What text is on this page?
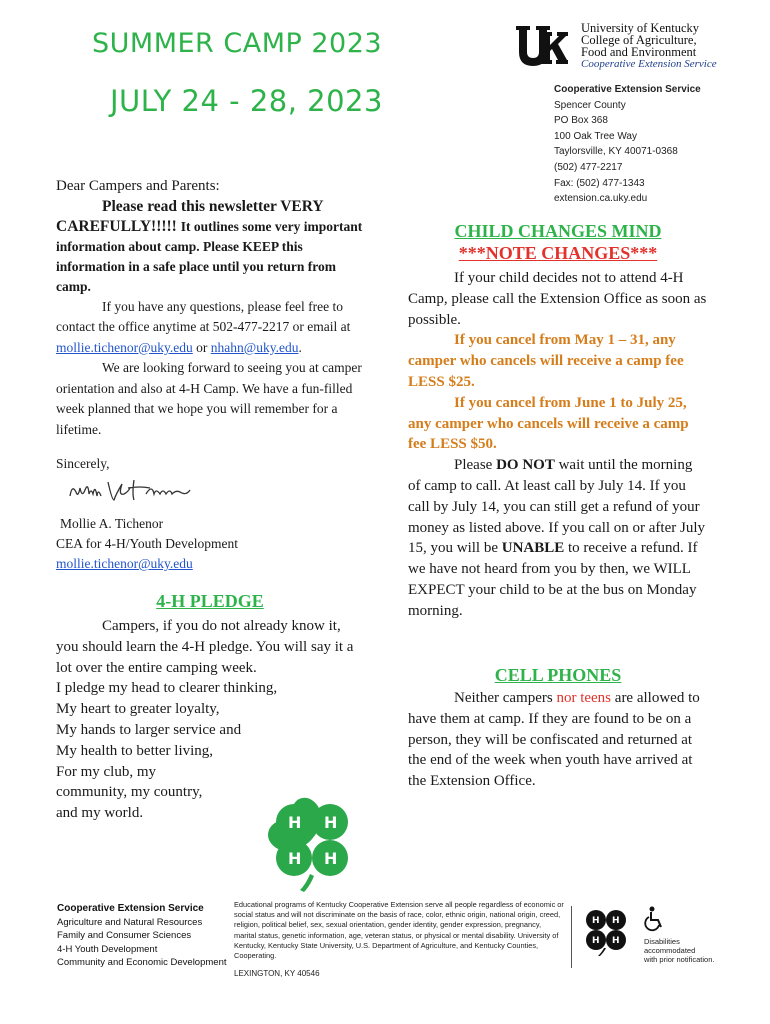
SUMMER CAMP 2023
JULY 24 - 28, 2023
University of Kentucky
College of Agriculture,
Food and Environment
Cooperative Extension Service
Cooperative Extension Service
Spencer County
PO Box 368
100 Oak Tree Way
Taylorsville, KY 40071-0368
(502) 477-2217
Fax: (502) 477-1343
extension.ca.uky.edu

Dear Campers and Parents:

Please read this newsletter VERY CAREFULLY!!!!! It outlines some very important information about camp. Please KEEP this information in a safe place until you return from camp.

If you have any questions, please feel free to contact the office anytime at 502-477-2217 or email at mollie.tichenor@uky.edu or nhahn@uky.edu.

We are looking forward to seeing you at camper orientation and also at 4-H Camp. We have a fun-filled week planned that we hope you will remember for a lifetime.

Sincerely,

Mollie A. Tichenor

CEA for 4-H/Youth Development

mollie.tichenor@uky.edu

4-H PLEDGE

Campers, if you do not already know it, you should learn the 4-H pledge. You will say it a lot over the entire camping week.

I pledge my head to clearer thinking,
My heart to greater loyalty,
My hands to larger service and
My health to better living,
For my club, my
community, my country,
and my world.	H H
H H
CHILD CHANGES MIND
***NOTE CHANGES***

If your child decides not to attend 4-H Camp, please call the Extension Office as soon as possible.

If you cancel from May 1 – 31, any camper who cancels will receive a camp fee LESS $25.

If you cancel from June 1 to July 25, any camper who cancels will receive a camp fee LESS $50.

Please DO NOT wait until the morning of camp to call. At least call by July 14. If you call by July 14, you can still get a refund of your money as listed above. If you call on or after July 15, you will be UNABLE to receive a refund. If we have not heard from you by then, we WILL EXPECT your child to be at the bus on Monday morning.

CELL PHONES

Neither campers nor teens are allowed to have them at camp. If they are found to be on a person, they will be confiscated and returned at the end of the week when youth have arrived at the Extension Office.

Cooperative Extension Service
Agriculture and Natural Resources
Family and Consumer Sciences
4-H Youth Development
Community and Economic Development
Educational programs of Kentucky Cooperative Extension serve all people regardless of economic or social status and will not discriminate on the basis of race, color, ethnic origin, national origin, creed, religion, political belief, sex, sexual orientation, gender identity, gender expression, pregnancy, marital status, genetic information, age, veteran status, or physical or mental disability. University of Kentucky, Kentucky State University, U.S. Department of Agriculture, and Kentucky Counties, Cooperating.
LEXINGTON, KY 40546
H H
H H	Disabilities
accommodated
with prior notification.
